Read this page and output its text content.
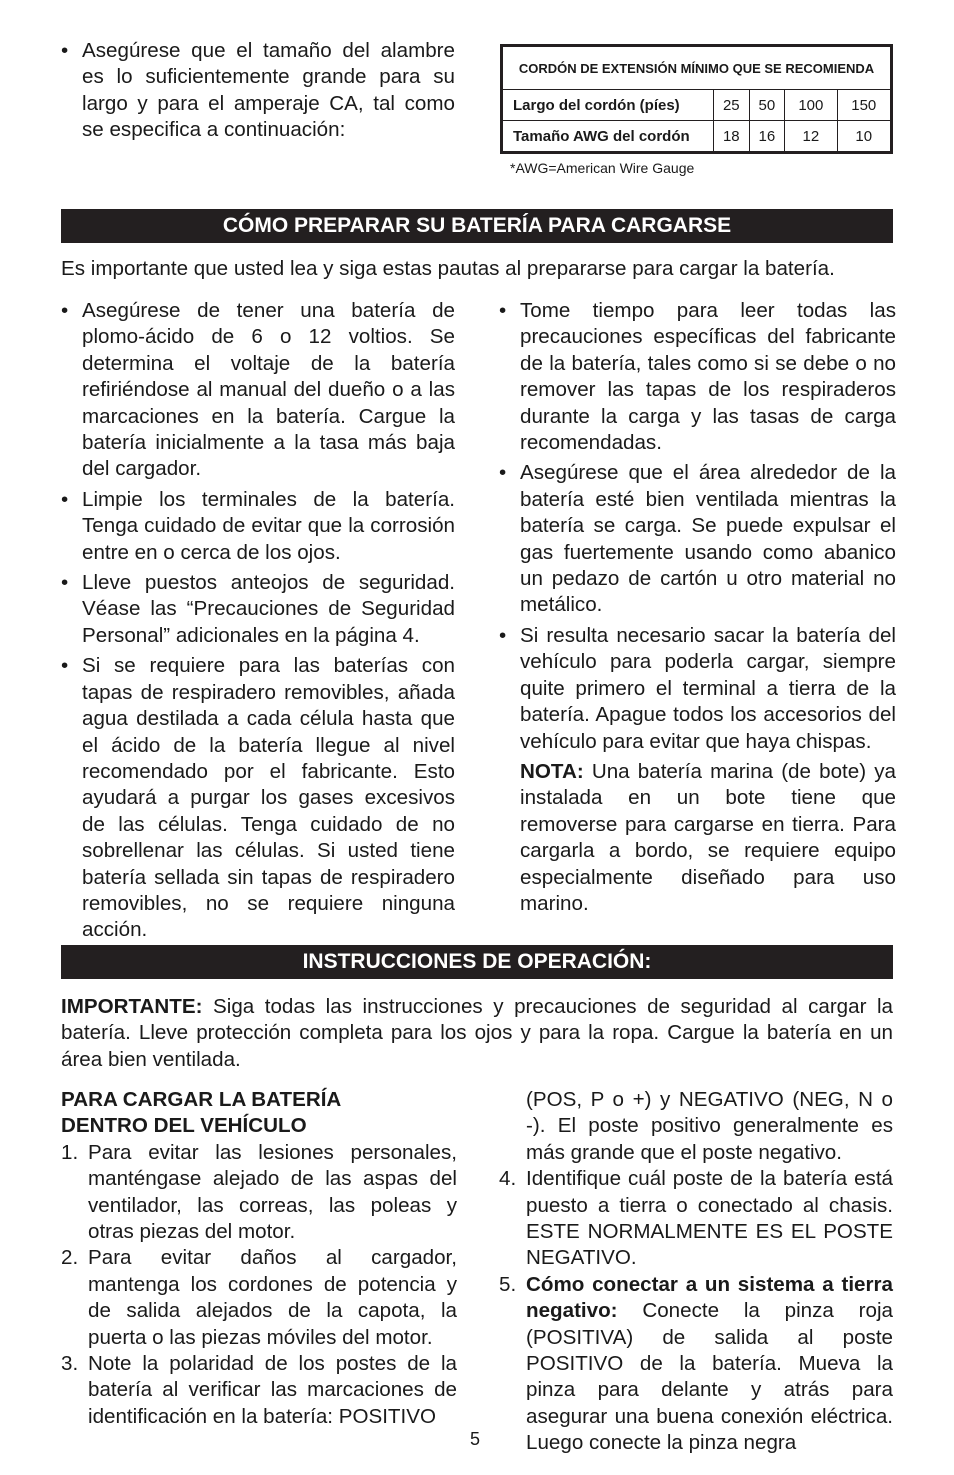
• Asegúrese que el tamaño del alambre es lo suficientemente grande para su largo y para el amperaje CA, tal como se especifica a continuación:
CORDÓN DE EXTENSIÓN MÍNIMO QUE SE RECOMIENDA				
Largo del cordón (píes)	25	50	100	150
Tamaño AWG del cordón	18	16	12	10
*AWG=American Wire Gauge
CÓMO PREPARAR SU BATERÍA PARA CARGARSE
Es importante que usted lea y siga estas pautas al prepararse para cargar la batería.
• Asegúrese de tener una batería de plomo-ácido de 6 o 12 voltios. Se determina el voltaje de la batería refiriéndose al manual del dueño o a las marcaciones en la batería. Cargue la batería inicialmente a la tasa más baja del cargador.
• Limpie los terminales de la batería. Tenga cuidado de evitar que la corrosión entre en o cerca de los ojos.
• Lleve puestos anteojos de seguridad. Véase las “Precauciones de Seguridad Personal” adicionales en la página 4.
• Si se requiere para las baterías con tapas de respiradero removibles, añada agua destilada a cada célula hasta que el ácido de la batería llegue al nivel recomendado por el fabricante. Esto ayudará a purgar los gases excesivos de las células. Tenga cuidado de no sobrellenar las células. Si usted tiene batería sellada sin tapas de respiradero removibles, no se requiere ninguna acción.
• Tome tiempo para leer todas las precauciones específicas del fabricante de la batería, tales como si se debe o no remover las tapas de los respiraderos durante la carga y las tasas de carga recomendadas.
• Asegúrese que el área alrededor de la batería esté bien ventilada mientras la batería se carga. Se puede expulsar el gas fuertemente usando como abanico un pedazo de cartón u otro material no metálico.
• Si resulta necesario sacar la batería del vehículo para poderla cargar, siempre quite primero el terminal a tierra de la batería. Apague todos los accesorios del vehículo para evitar que haya chispas.
NOTA: Una batería marina (de bote) ya instalada en un bote tiene que removerse para cargarse en tierra. Para cargarla a bordo, se requiere equipo especialmente diseñado para uso marino.
INSTRUCCIONES DE OPERACIÓN:
IMPORTANTE: Siga todas las instrucciones y precauciones de seguridad al cargar la batería. Lleve protección completa para los ojos y para la ropa. Cargue la batería en un área bien ventilada.
PARA CARGAR LA BATERÍA DENTRO DEL VEHÍCULO
1. Para evitar las lesiones personales, manténgase alejado de las aspas del ventilador, las correas, las poleas y otras piezas del motor.
2. Para evitar daños al cargador, mantenga los cordones de potencia y de salida alejados de la capota, la puerta o las piezas móviles del motor.
3. Note la polaridad de los postes de la batería al verificar las marcaciones de identificación en la batería: POSITIVO
(POS, P o +) y NEGATIVO (NEG, N o -). El poste positivo generalmente es más grande que el poste negativo.
4. Identifique cuál poste de la batería está puesto a tierra o conectado al chasis. ESTE NORMALMENTE ES EL POSTE NEGATIVO.
5. Cómo conectar a un sistema a tierra negativo: Conecte la pinza roja (POSITIVA) de salida al poste POSITIVO de la batería. Mueva la pinza para delante y atrás para asegurar una buena conexión eléctrica. Luego conecte la pinza negra
5
